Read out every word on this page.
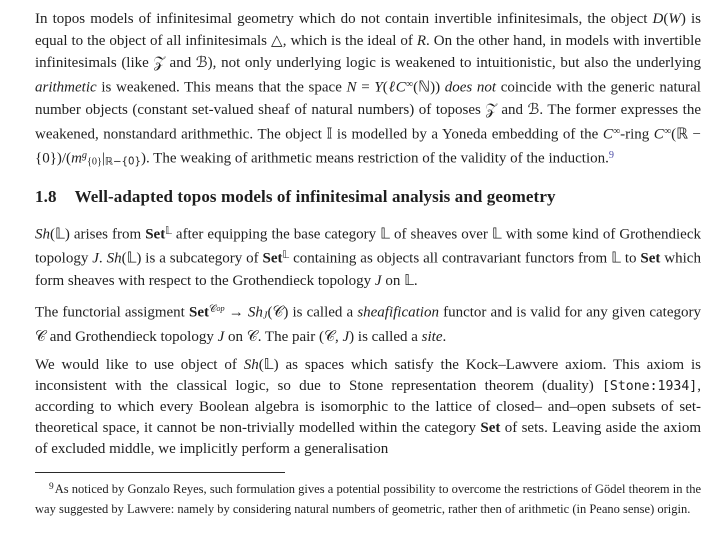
In topos models of infinitesimal geometry which do not contain invertible infinitesimals, the object D(W) is equal to the object of all infinitesimals △, which is the ideal of R. On the other hand, in models with invertible infinitesimals (like 𝒵 and ℬ), not only underlying logic is weakened to intuitionistic, but also the underlying arithmetic is weakened. This means that the space N = Y(ℓC∞(ℕ)) does not coincide with the generic natural number objects (constant set-valued sheaf of natural numbers) of toposes 𝒵 and ℬ. The former expresses the weakened, nonstandard arithmethic. The object 𝕀 is modelled by a Yoneda embedding of the C∞-ring C∞(ℝ − $\{0\})/(m^g_{\{0\}}|ℝ-\{0\})$. The weaking of arithmetic means restriction of the validity of the induction.$^9$

1.8 Well-adapted topos models of infinitesimal analysis and geometry

Sh(𝕃) arises from Set$^𝕃$ after equipping the base category 𝕃 of sheaves over 𝕃 with some kind of Grothendieck topology J. Sh(𝕃) is a subcategory of Set$^𝕃$ containing as objects all contravariant functors from 𝕃 to Set which form sheaves with respect to the Grothendieck topology J on 𝕃.

The functorial assigment Set$^{𝒞op}$ → ShJ(𝒞) is called a sheafification functor and is valid for any given category 𝒞 and Grothendieck topology J on 𝒞. The pair (𝒞, J) is called a site.

We would like to use object of Sh(𝕃) as spaces which satisfy the Kock–Lawvere axiom. This axiom is inconsistent with the classical logic, so due to Stone representation theorem (duality) [Stone:1934], according to which every Boolean algebra is isomorphic to the lattice of closed– and–open subsets of set-theoretical space, it cannot be non-trivially modelled within the category Set of sets. Leaving aside the axiom of excluded middle, we implicitly perform a generalisation

$^9$As noticed by Gonzalo Reyes, such formulation gives a potential possibility to overcome the restrictions of Gödel theorem in the way suggested by Lawvere: namely by considering natural numbers of geometric, rather then of arithmetic (in Peano sense) origin.
